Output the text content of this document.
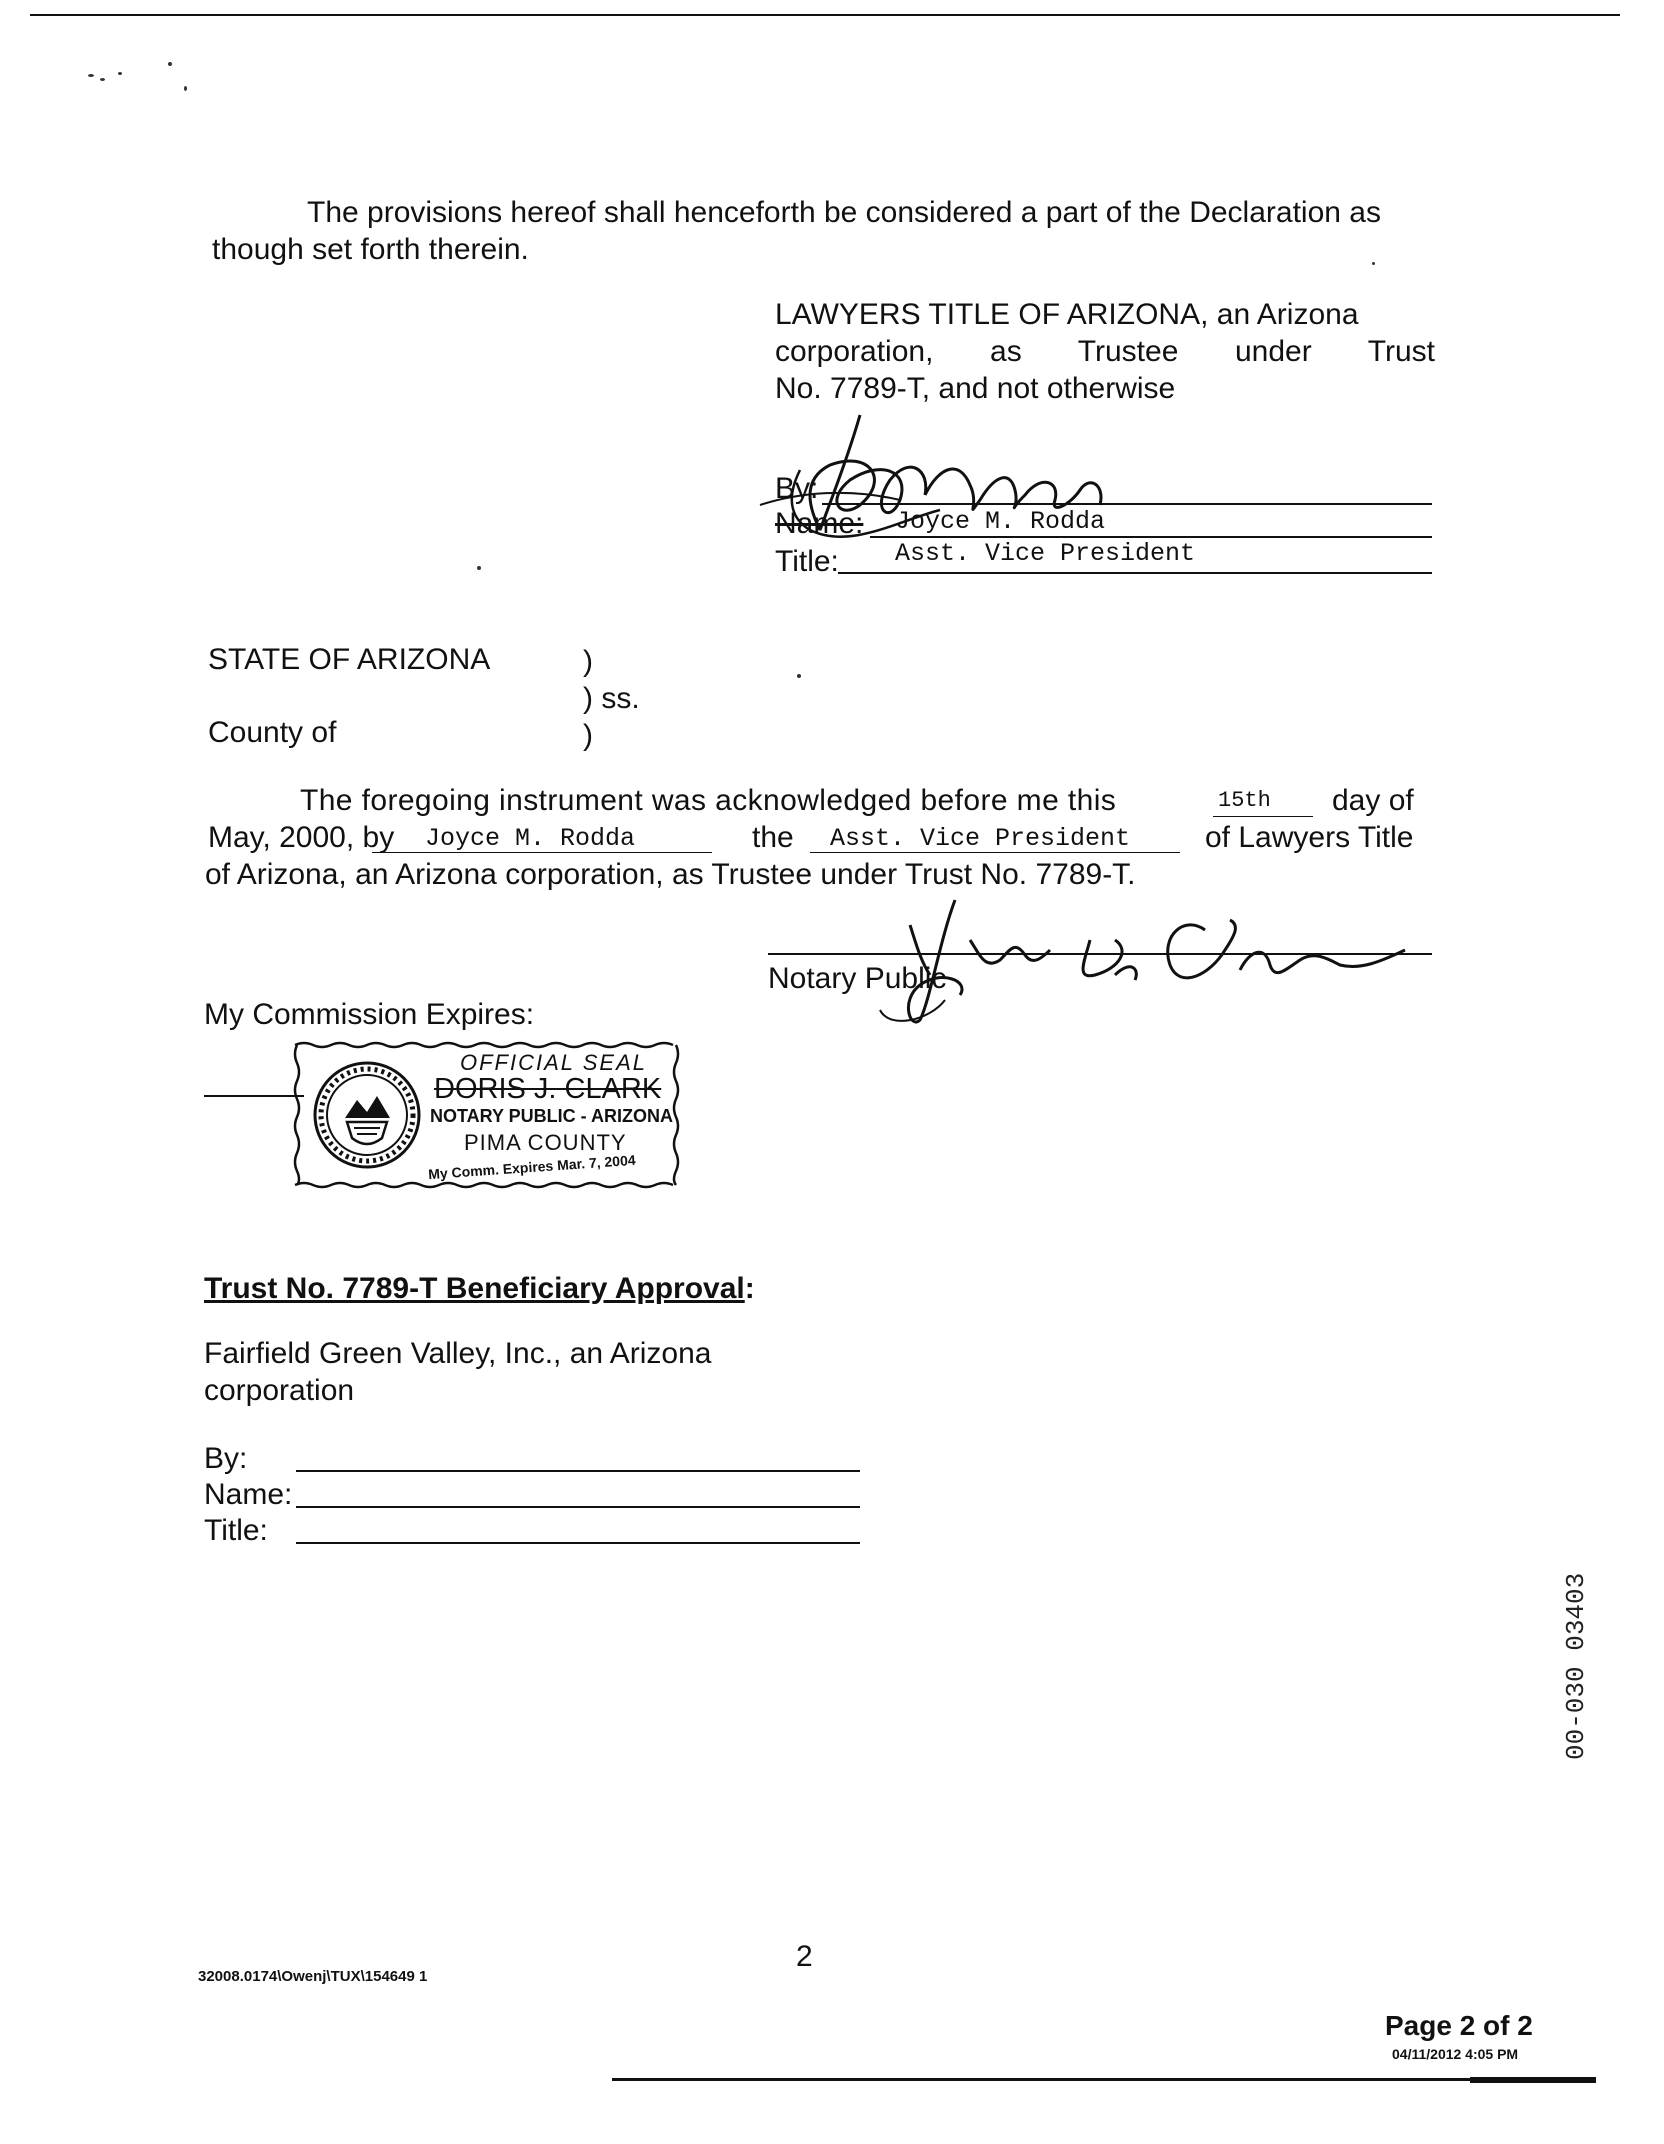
The provisions hereof shall henceforth be considered a part of the Declaration as
though set forth therein.
LAWYERS TITLE OF ARIZONA, an Arizona
corporation, as Trustee under Trust
No. 7789-T, and not otherwise
By:
Name: Joyce M. Rodda
Title: Asst. Vice President
STATE OF ARIZONA	)
) ss.
County of	)
The foregoing instrument was acknowledged before me this	15th day of
May, 2000, by Joyce M. Rodda	the Asst. Vice President of Lawyers Title
of Arizona, an Arizona corporation, as Trustee under Trust No. 7789-T.
Notary Public
My Commission Expires:
OFFICIAL SEAL
DORIS J. CLARK
NOTARY PUBLIC - ARIZONA
PIMA COUNTY
My Comm. Expires Mar. 7, 2004
Trust No. 7789-T Beneficiary Approval:
Fairfield Green Valley, Inc., an Arizona
corporation
By:
Name:
Title:
00-030 03403
2
32008.0174\Owenj\TUX\154649 1
Page 2 of 2
04/11/2012 4:05 PM
